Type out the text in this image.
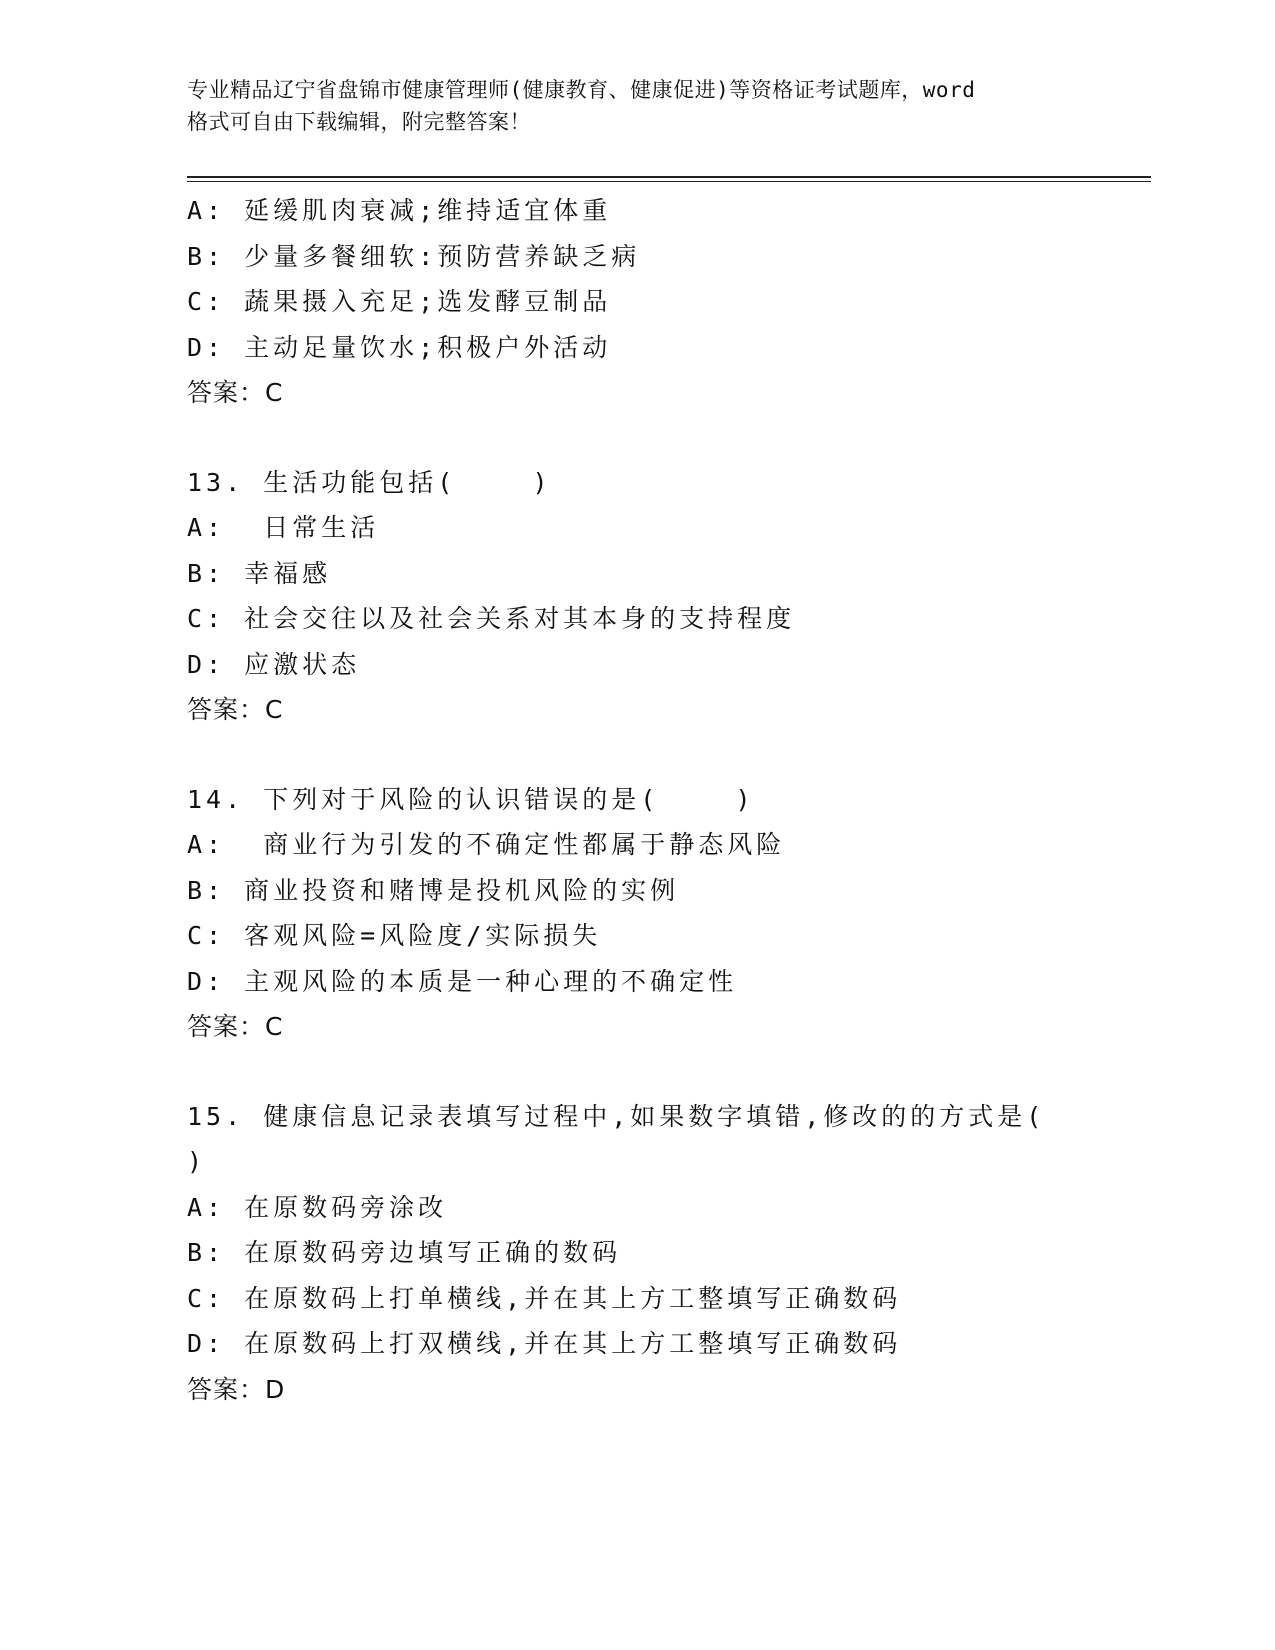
专业精品辽宁省盘锦市健康管理师(健康教育、健康促进)等资格证考试题库，word
格式可自由下载编辑，附完整答案！
A: 延缓肌肉衰减;维持适宜体重
B: 少量多餐细软:预防营养缺乏病
C: 蔬果摄入充足;选发酵豆制品
D: 主动足量饮水;积极户外活动
答案：C
13. 生活功能包括(    )
A:  日常生活
B: 幸福感
C: 社会交往以及社会关系对其本身的支持程度
D: 应激状态
答案：C
14. 下列对于风险的认识错误的是(    )
A:  商业行为引发的不确定性都属于静态风险
B: 商业投资和赌博是投机风险的实例
C: 客观风险=风险度/实际损失
D: 主观风险的本质是一种心理的不确定性
答案：C
15. 健康信息记录表填写过程中,如果数字填错,修改的的方式是(
)
A: 在原数码旁涂改
B: 在原数码旁边填写正确的数码
C: 在原数码上打单横线,并在其上方工整填写正确数码
D: 在原数码上打双横线,并在其上方工整填写正确数码
答案：D
